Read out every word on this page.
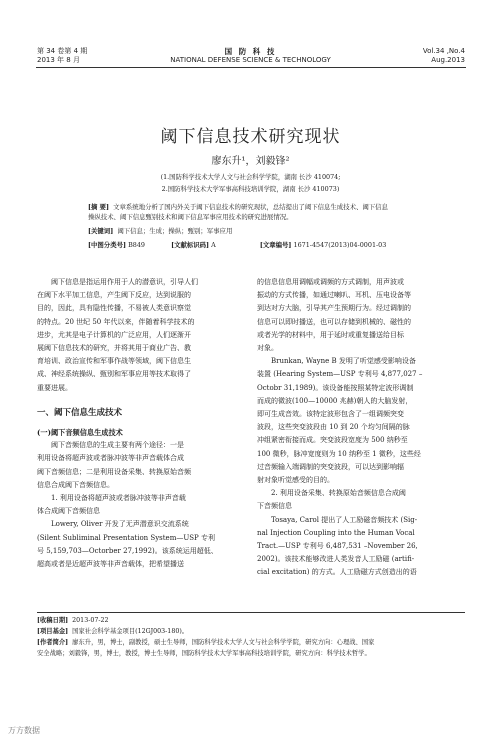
第 34 卷第 4 期
2013 年 8 月
国 防 科 技
NATIONAL DEFENSE SCIENCE & TECHNOLOGY
Vol.34 ,No.4
Aug.2013
阈下信息技术研究现状
廖东升¹，刘毅锋²
(1.国防科学技术大学人文与社会科学学院，湖南 长沙 410074;
2.国防科学技术大学军事高科技培训学院，湖南 长沙 410073)
[摘 要] 文章系统地分析了国内外关于阈下信息技术的研究现状，总结提出了阈下信息生成技术、阈下信息
操纵技术、阈下信息甄别技术和阈下信息军事应用技术的研究进展情况。
[关键词] 阈下信息；生成；操纵；甄别；军事应用
[中图分类号] B849	[文献标识码] A	[文章编号] 1671-4547(2013)04-0001-03
阈下信息是指运用作用于人的潜意识，引导人们
在阈下水平加工信息，产生阈下反应，达到说服的
目的，因此，具有隐性传播，不易被人类意识察觉
的特点。20 世纪 50 年代以来，伴随着科学技术的
进步，尤其是电子计算机的广泛应用，人们逐渐开
展阈下信息技术的研究，并将其用于商业广告、教
育培训、政治宣传和军事作战等领域，阈下信息生
成、神经系统操纵、甄别和军事应用等技术取得了
重要进展。
一、阈下信息生成技术
(一)阈下音频信息生成技术
阈下音频信息的生成主要有两个途径：一是
利用设备将超声波或者脉冲波等非声音载体合成
阈下音频信息；二是利用设备采集、转换原始音频
信息合成阈下音频信息。
1. 利用设备将超声波或者脉冲波等非声音载
体合成阈下音频信息
Lowery, Oliver 开发了无声潜意识交流系统
(Silent Subliminal Presentation System—USP 专利
号 5,159,703—Octorber 27,1992)。该系统运用超低、
超高或者是近超声波等非声音载体，把希望播送
的信息信息用调幅或调频的方式调制，用声波或
振动的方式传播，如通过喇叭、耳机、压电设备等
到达对方大脑，引导其产生预期行为。经过调制的
信息可以即时播送，也可以存储到机械的、磁性的
或者光学的材料中，用于延时或重复播送给目标
对象。
Brunkan, Wayne B 发明了听觉感受影响设备
装置 (Hearing System—USP 专利号 4,877,027 –
Octobr 31,1989)。该设备能按照某特定波形调制
而成的微波(100—10000 兆赫)朝人的大脑发射，
即可生成音效。该特定波形包含了一组调频突变
波段，这些突变波段由 10 到 20 个均匀间隔的脉
冲组紧密衔接而成。突变波段宽度为 500 纳秒至
100 微秒，脉冲宽度则为 10 纳秒至 1 微秒，这些经
过音频输入端调制的突变波段，可以达到影响辐
射对象听觉感受的目的。
2. 利用设备采集、转换原始音频信息合成阈
下音频信息
Tosaya, Carol 提出了人工励磁音频技术 (Sig-
nal Injection Coupling into the Human Vocal
Tract.—USP 专利号 6,487,531 –November 26,
2002)。该技术能够改进人类发音人工励磁 (artifi-
cial excitation) 的方式。人工励磁方式创造出的语
[收稿日期] 2013-07-22
[项目基金] 国家社会科学基金项目(12GJ003-180)。
[作者简介] 廖东升，男，博士，副教授，硕士生导师，国防科学技术大学人文与社会科学学院，研究方向：心理战、国家
安全战略；刘毅锋，男，博士，教授，博士生导师，国防科学技术大学军事高科技培训学院，研究方向：科学技术哲学。
万方数据
